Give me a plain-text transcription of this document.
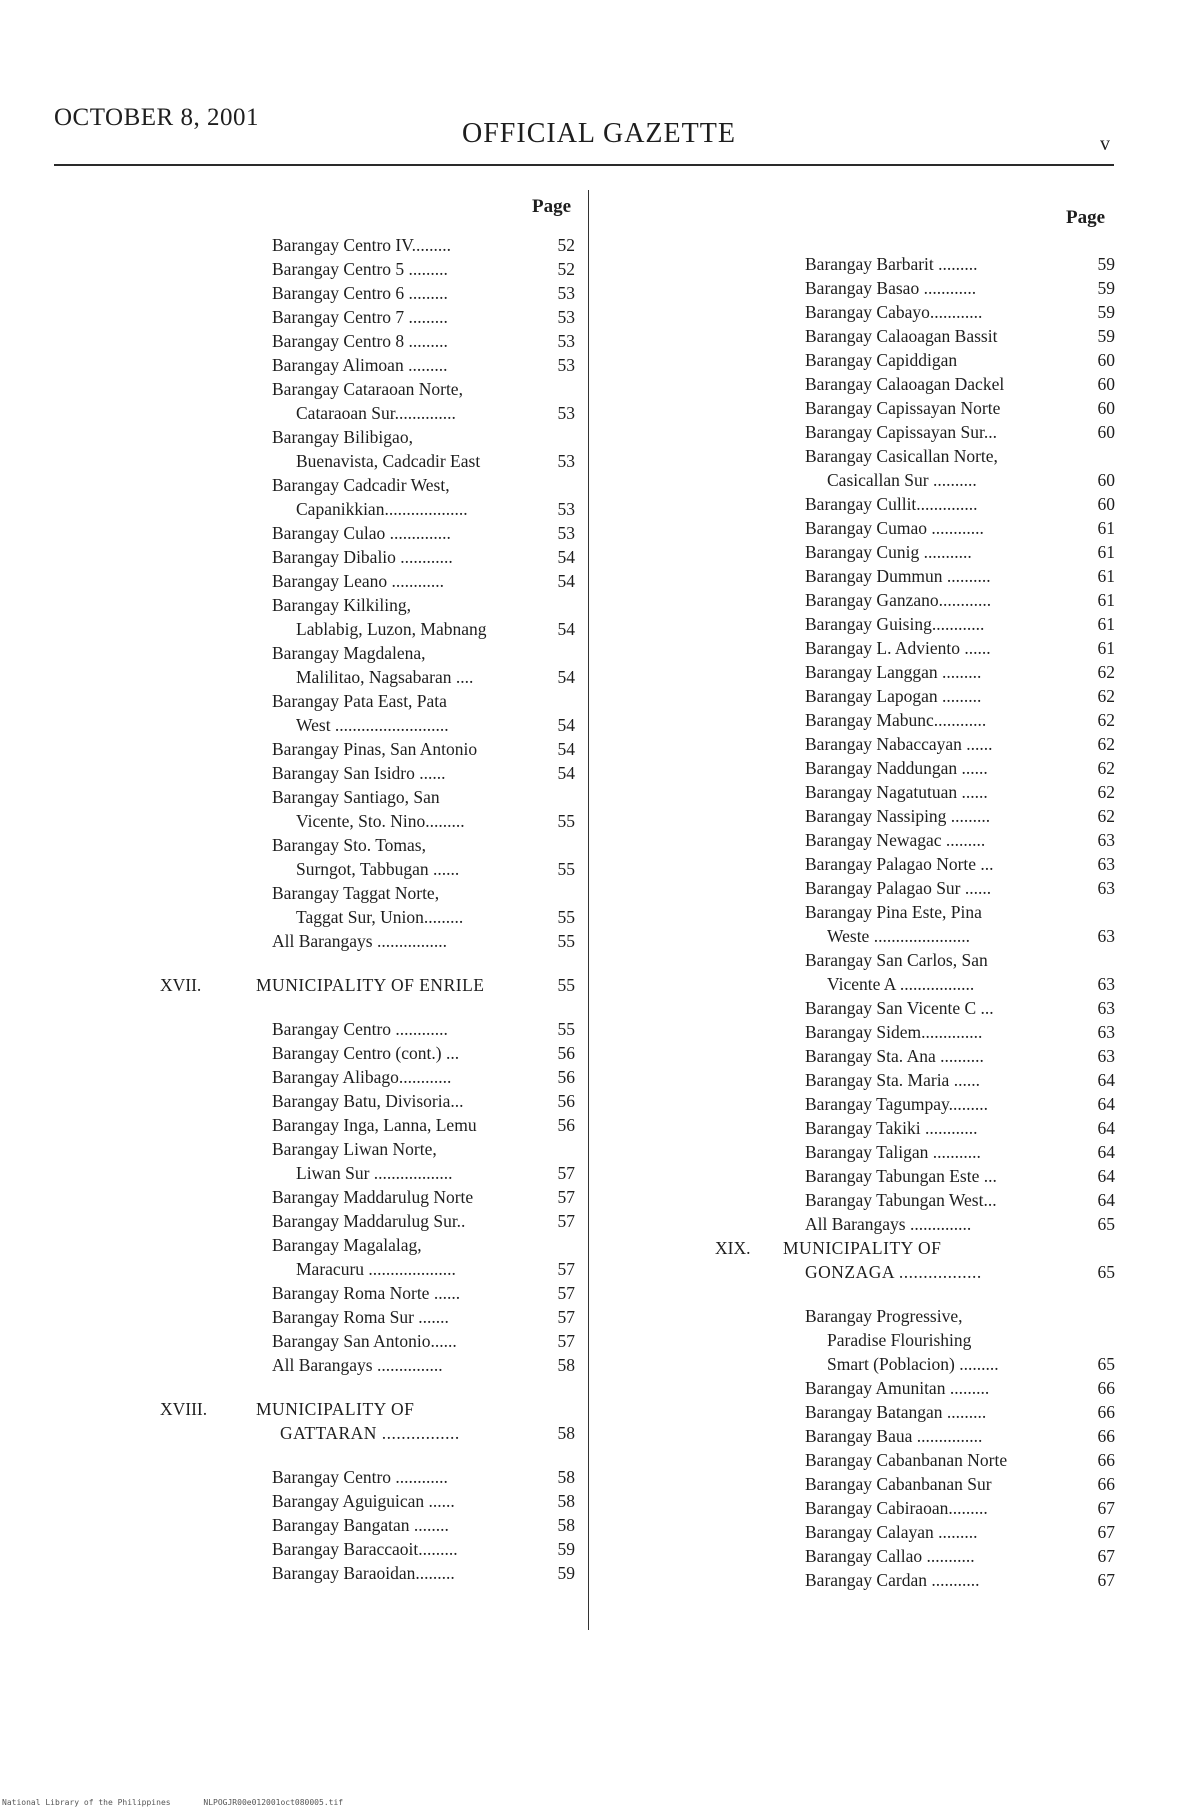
OCTOBER 8, 2001
OFFICIAL GAZETTE	v
Page
Page
Barangay Centro IV.........	52
Barangay Centro 5 .........	52
Barangay Centro 6 .........	53
Barangay Centro 7 .........	53
Barangay Centro 8 .........	53
Barangay Alimoan .........	53
Barangay Cataraoan Norte,
Cataraoan Sur..............	53
Barangay Bilibigao,
Buenavista, Cadcadir East	53
Barangay Cadcadir West,
Capanikkian...................	53
Barangay Culao ..............	53
Barangay Dibalio ............	54
Barangay Leano ............	54
Barangay Kilkiling,
Lablabig, Luzon, Mabnang	54
Barangay Magdalena,
Malilitao, Nagsabaran ....	54
Barangay Pata East, Pata
West ..........................	54
Barangay Pinas, San Antonio	54
Barangay San Isidro ......	54
Barangay Santiago, San
Vicente, Sto. Nino.........	55
Barangay Sto. Tomas,
Surngot, Tabbugan ......	55
Barangay Taggat Norte,
Taggat Sur, Union.........	55
All Barangays ................	55
XVII.	MUNICIPALITY OF ENRILE	55
Barangay Centro ............	55
Barangay Centro (cont.) ...	56
Barangay Alibago............	56
Barangay Batu, Divisoria...	56
Barangay Inga, Lanna, Lemu	56
Barangay Liwan Norte,
Liwan Sur ..................	57
Barangay Maddarulug Norte	57
Barangay Maddarulug Sur..	57
Barangay Magalalag,
Maracuru ....................	57
Barangay Roma Norte ......	57
Barangay Roma Sur .......	57
Barangay San Antonio......	57
All Barangays ...............	58
XVIII.	MUNICIPALITY OF
GATTARAN ................	58
Barangay Centro ............	58
Barangay Aguiguican ......	58
Barangay Bangatan ........	58
Barangay Baraccaoit.........	59
Barangay Baraoidan.........	59
Barangay Barbarit .........	59
Barangay Basao ............	59
Barangay Cabayo............	59
Barangay Calaoagan Bassit	59
Barangay Capiddigan	60
Barangay Calaoagan Dackel	60
Barangay Capissayan Norte	60
Barangay Capissayan Sur...	60
Barangay Casicallan Norte,
Casicallan Sur ..........	60
Barangay Cullit..............	60
Barangay Cumao ............	61
Barangay Cunig ...........	61
Barangay Dummun ..........	61
Barangay Ganzano............	61
Barangay Guising............	61
Barangay L. Adviento ......	61
Barangay Langgan .........	62
Barangay Lapogan .........	62
Barangay Mabunc............	62
Barangay Nabaccayan ......	62
Barangay Naddungan ......	62
Barangay Nagatutuan ......	62
Barangay Nassiping .........	62
Barangay Newagac .........	63
Barangay Palagao Norte ...	63
Barangay Palagao Sur ......	63
Barangay Pina Este, Pina
Weste ......................	63
Barangay San Carlos, San
Vicente A .................	63
Barangay San Vicente C ...	63
Barangay Sidem..............	63
Barangay Sta. Ana ..........	63
Barangay Sta. Maria ......	64
Barangay Tagumpay.........	64
Barangay Takiki ............	64
Barangay Taligan ...........	64
Barangay Tabungan Este ...	64
Barangay Tabungan West...	64
All Barangays ..............	65
XIX.	MUNICIPALITY OF
GONZAGA .................	65
Barangay Progressive,
Paradise Flourishing
Smart (Poblacion) .........	65
Barangay Amunitan .........	66
Barangay Batangan .........	66
Barangay Baua ...............	66
Barangay Cabanbanan Norte	66
Barangay Cabanbanan Sur	66
Barangay Cabiraoan.........	67
Barangay Calayan .........	67
Barangay Callao ...........	67
Barangay Cardan ...........	67
National Library of the Philippines	NLPOGJR00e012001oct080005.tif
